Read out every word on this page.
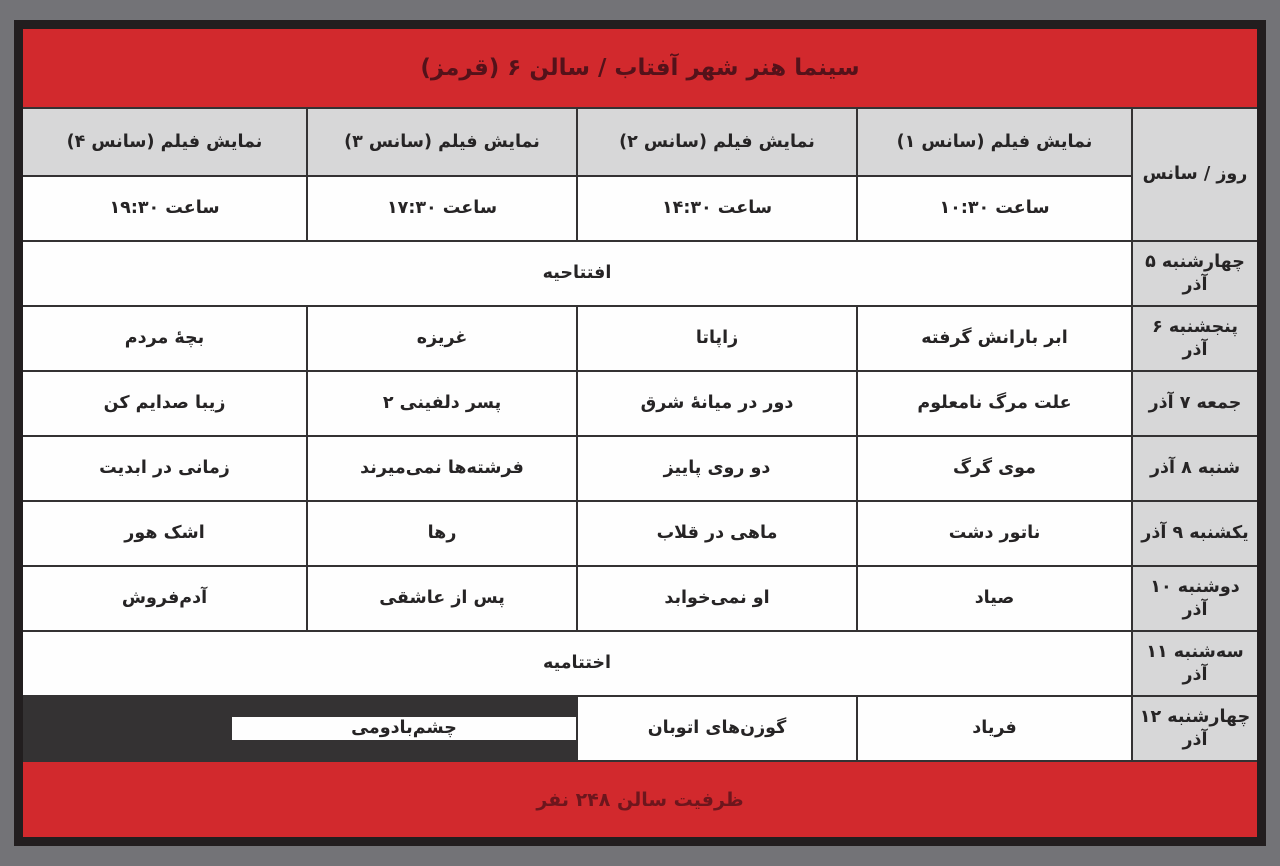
سینما هنر شهر آفتاب / سالن ۶ (قرمز)
روز / سانس
نمایش فیلم (سانس ۱)
نمایش فیلم (سانس ۲)
نمایش فیلم (سانس ۳)
نمایش فیلم (سانس ۴)
ساعت ۱۰:۳۰
ساعت ۱۴:۳۰
ساعت ۱۷:۳۰
ساعت ۱۹:۳۰
چهارشنبه ۵ آذر
افتتاحیه
پنجشنبه ۶ آذر
ابر بارانش گرفته
زاپاتا
غریزه
بچهٔ مردم
جمعه ۷ آذر
علت مرگ نامعلوم
دور در میانهٔ شرق
پسر دلفینی ۲
زیبا صدایم کن
شنبه ۸ آذر
موی گرگ
دو روی پاییز
فرشته‌ها نمی‌میرند
زمانی در ابدیت
یکشنبه ۹ آذر
ناتور دشت
ماهی در قلاب
رها
اشک هور
دوشنبه ۱۰ آذر
صیاد
او نمی‌خوابد
پس از عاشقی
آدم‌فروش
سه‌شنبه ۱۱ آذر
اختتامیه
چهارشنبه ۱۲ آذر
فریاد
گوزن‌های اتوبان
چشم‌بادومی
ظرفیت سالن ۲۴۸ نفر
